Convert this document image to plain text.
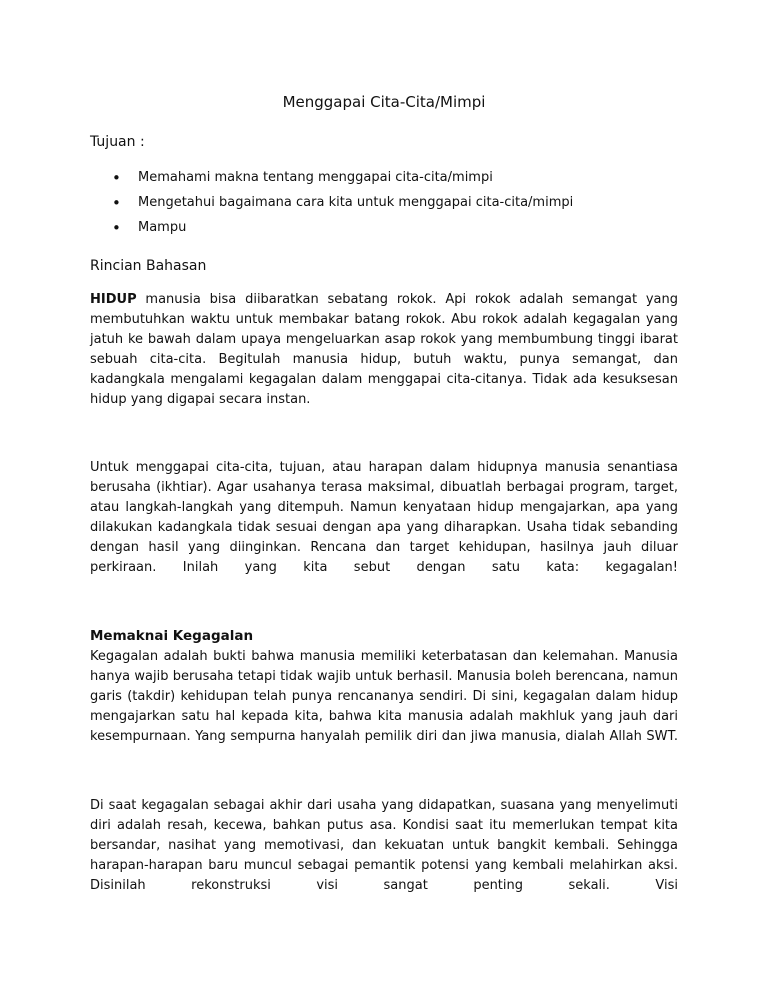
Menggapai Cita-Cita/Mimpi
Tujuan :
• Memahami makna tentang menggapai cita-cita/mimpi
• Mengetahui bagaimana cara kita untuk menggapai cita-cita/mimpi
• Mampu
Rincian Bahasan

HIDUP manusia bisa diibaratkan sebatang rokok. Api rokok adalah semangat yang membutuhkan waktu untuk membakar batang rokok. Abu rokok adalah kegagalan yang jatuh ke bawah dalam upaya mengeluarkan asap rokok yang membumbung tinggi ibarat sebuah cita-cita. Begitulah manusia hidup, butuh waktu, punya semangat, dan kadangkala mengalami kegagalan dalam menggapai cita-citanya. Tidak ada kesuksesan hidup yang digapai secara instan.

Untuk menggapai cita-cita, tujuan, atau harapan dalam hidupnya manusia senantiasa berusaha (ikhtiar). Agar usahanya terasa maksimal, dibuatlah berbagai program, target, atau langkah-langkah yang ditempuh. Namun kenyataan hidup mengajarkan, apa yang dilakukan kadangkala tidak sesuai dengan apa yang diharapkan. Usaha tidak sebanding dengan hasil yang diinginkan. Rencana dan target kehidupan, hasilnya jauh diluar perkiraan. Inilah yang kita sebut dengan satu kata: kegagalan!

Memaknai Kegagalan

Kegagalan adalah bukti bahwa manusia memiliki keterbatasan dan kelemahan. Manusia hanya wajib berusaha tetapi tidak wajib untuk berhasil. Manusia boleh berencana, namun garis (takdir) kehidupan telah punya rencananya sendiri. Di sini, kegagalan dalam hidup mengajarkan satu hal kepada kita, bahwa kita manusia adalah makhluk yang jauh dari kesempurnaan. Yang sempurna hanyalah pemilik diri dan jiwa manusia, dialah Allah SWT.

Di saat kegagalan sebagai akhir dari usaha yang didapatkan, suasana yang menyelimuti diri adalah resah, kecewa, bahkan putus asa. Kondisi saat itu memerlukan tempat kita bersandar, nasihat yang memotivasi, dan kekuatan untuk bangkit kembali. Sehingga harapan-harapan baru muncul sebagai pemantik potensi yang kembali melahirkan aksi. Disinilah rekonstruksi visi sangat penting sekali. Visi
